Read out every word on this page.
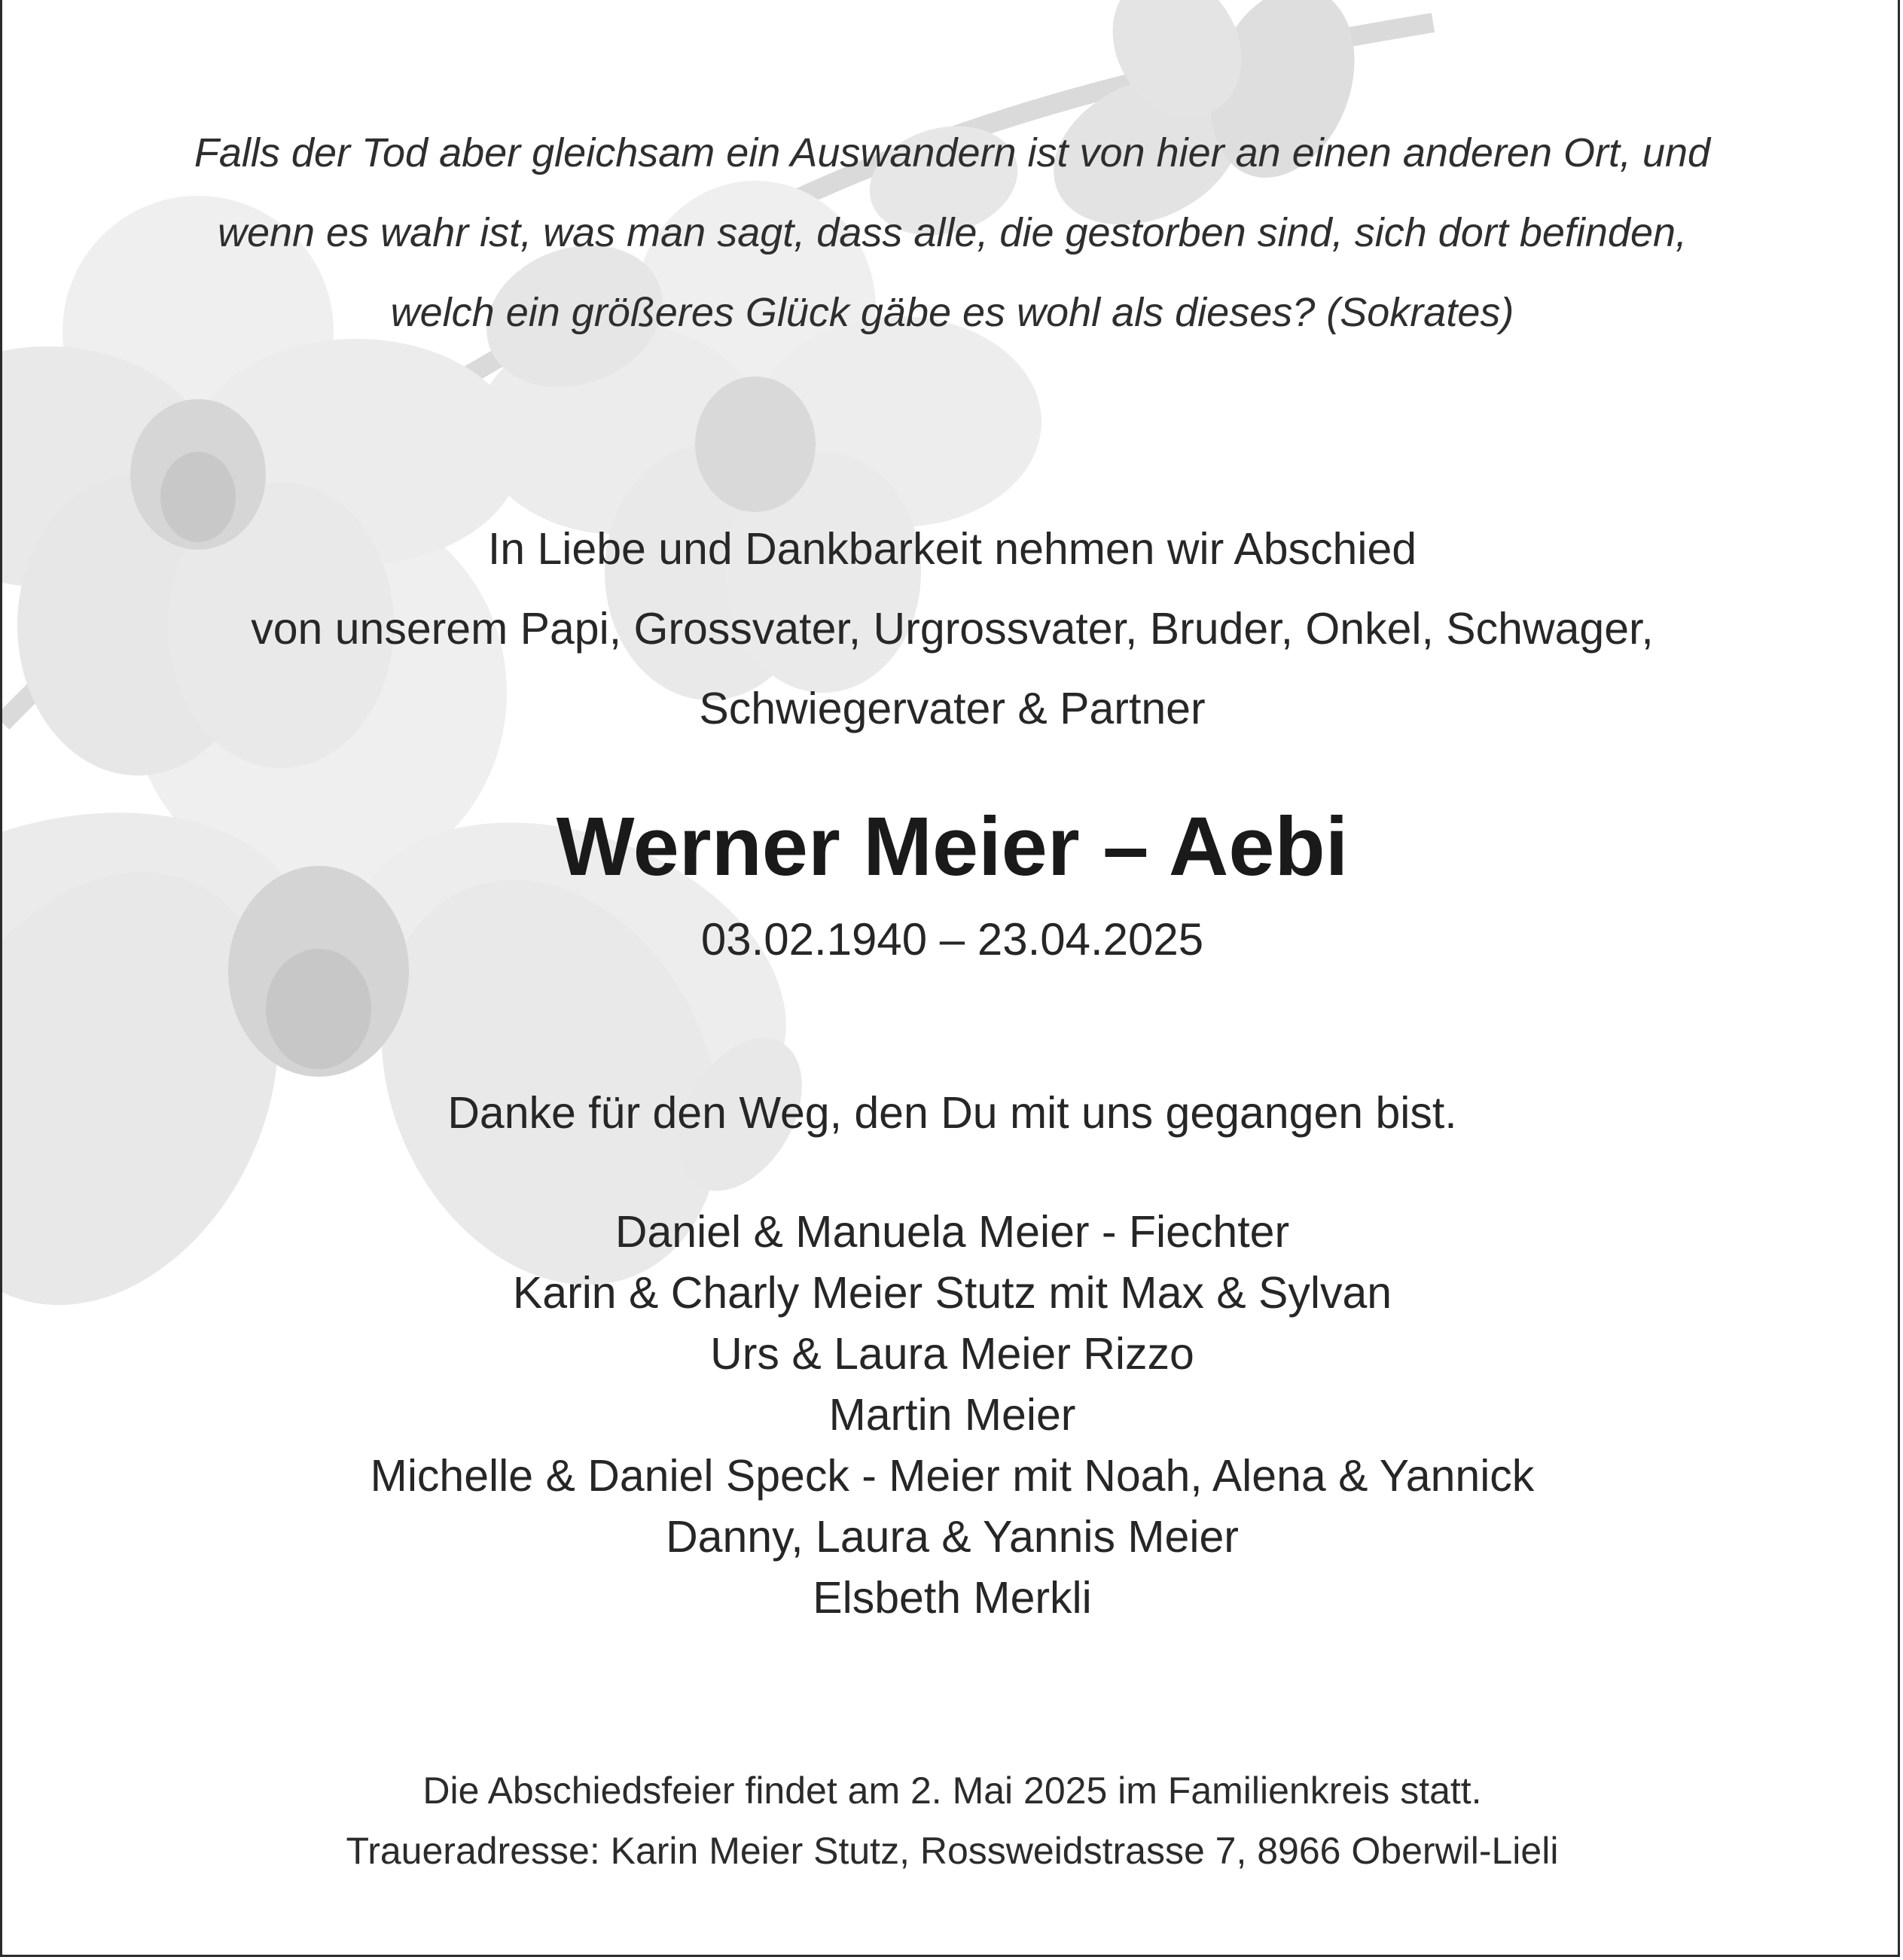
Falls der Tod aber gleichsam ein Auswandern ist von hier an einen anderen Ort, und
wenn es wahr ist, was man sagt, dass alle, die gestorben sind, sich dort befinden,
welch ein größeres Glück gäbe es wohl als dieses? (Sokrates)
In Liebe und Dankbarkeit nehmen wir Abschied
von unserem Papi, Grossvater, Urgrossvater, Bruder, Onkel, Schwager,
Schwiegervater & Partner
Werner Meier – Aebi
03.02.1940 – 23.04.2025
Danke für den Weg, den Du mit uns gegangen bist.
Daniel & Manuela Meier - Fiechter
Karin & Charly Meier Stutz mit Max & Sylvan
Urs & Laura Meier Rizzo
Martin Meier
Michelle & Daniel Speck - Meier mit Noah, Alena & Yannick
Danny, Laura & Yannis Meier
Elsbeth Merkli
Die Abschiedsfeier findet am 2. Mai 2025 im Familienkreis statt.
Traueradresse: Karin Meier Stutz, Rossweidstrasse 7, 8966 Oberwil-Lieli
